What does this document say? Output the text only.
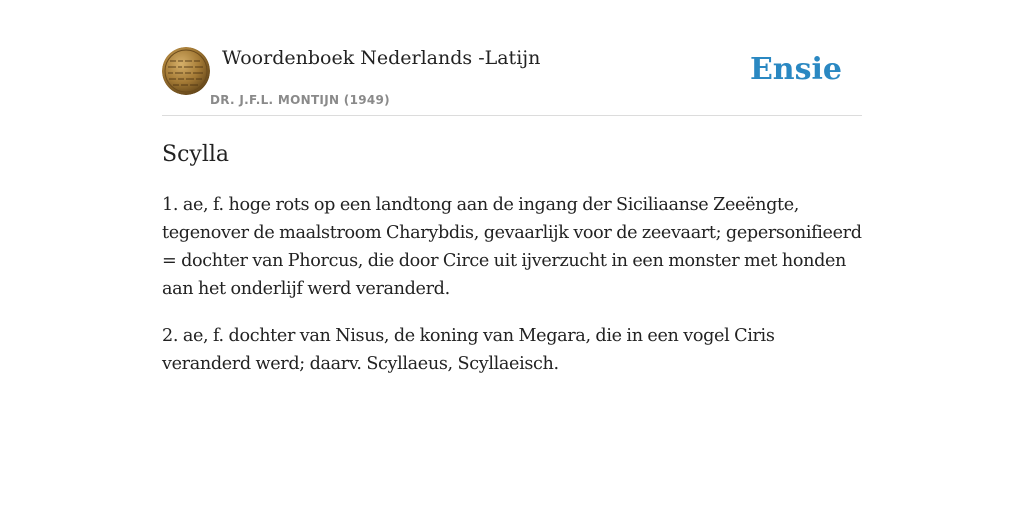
Woordenboek Nederlands -Latijn
DR. J.F.L. MONTIJN (1949)
Ensie
Scylla

1. ae, f. hoge rots op een landtong aan de ingang der Siciliaanse Zeeëngte, tegenover de maalstroom Charybdis, gevaarlijk voor de zeevaart; gepersonifieerd = dochter van Phorcus, die door Circe uit ijverzucht in een monster met honden aan het onderlijf werd veranderd.

2. ae, f. dochter van Nisus, de koning van Megara, die in een vogel Ciris veranderd werd; daarv. Scyllaeus, Scyllaeisch.
